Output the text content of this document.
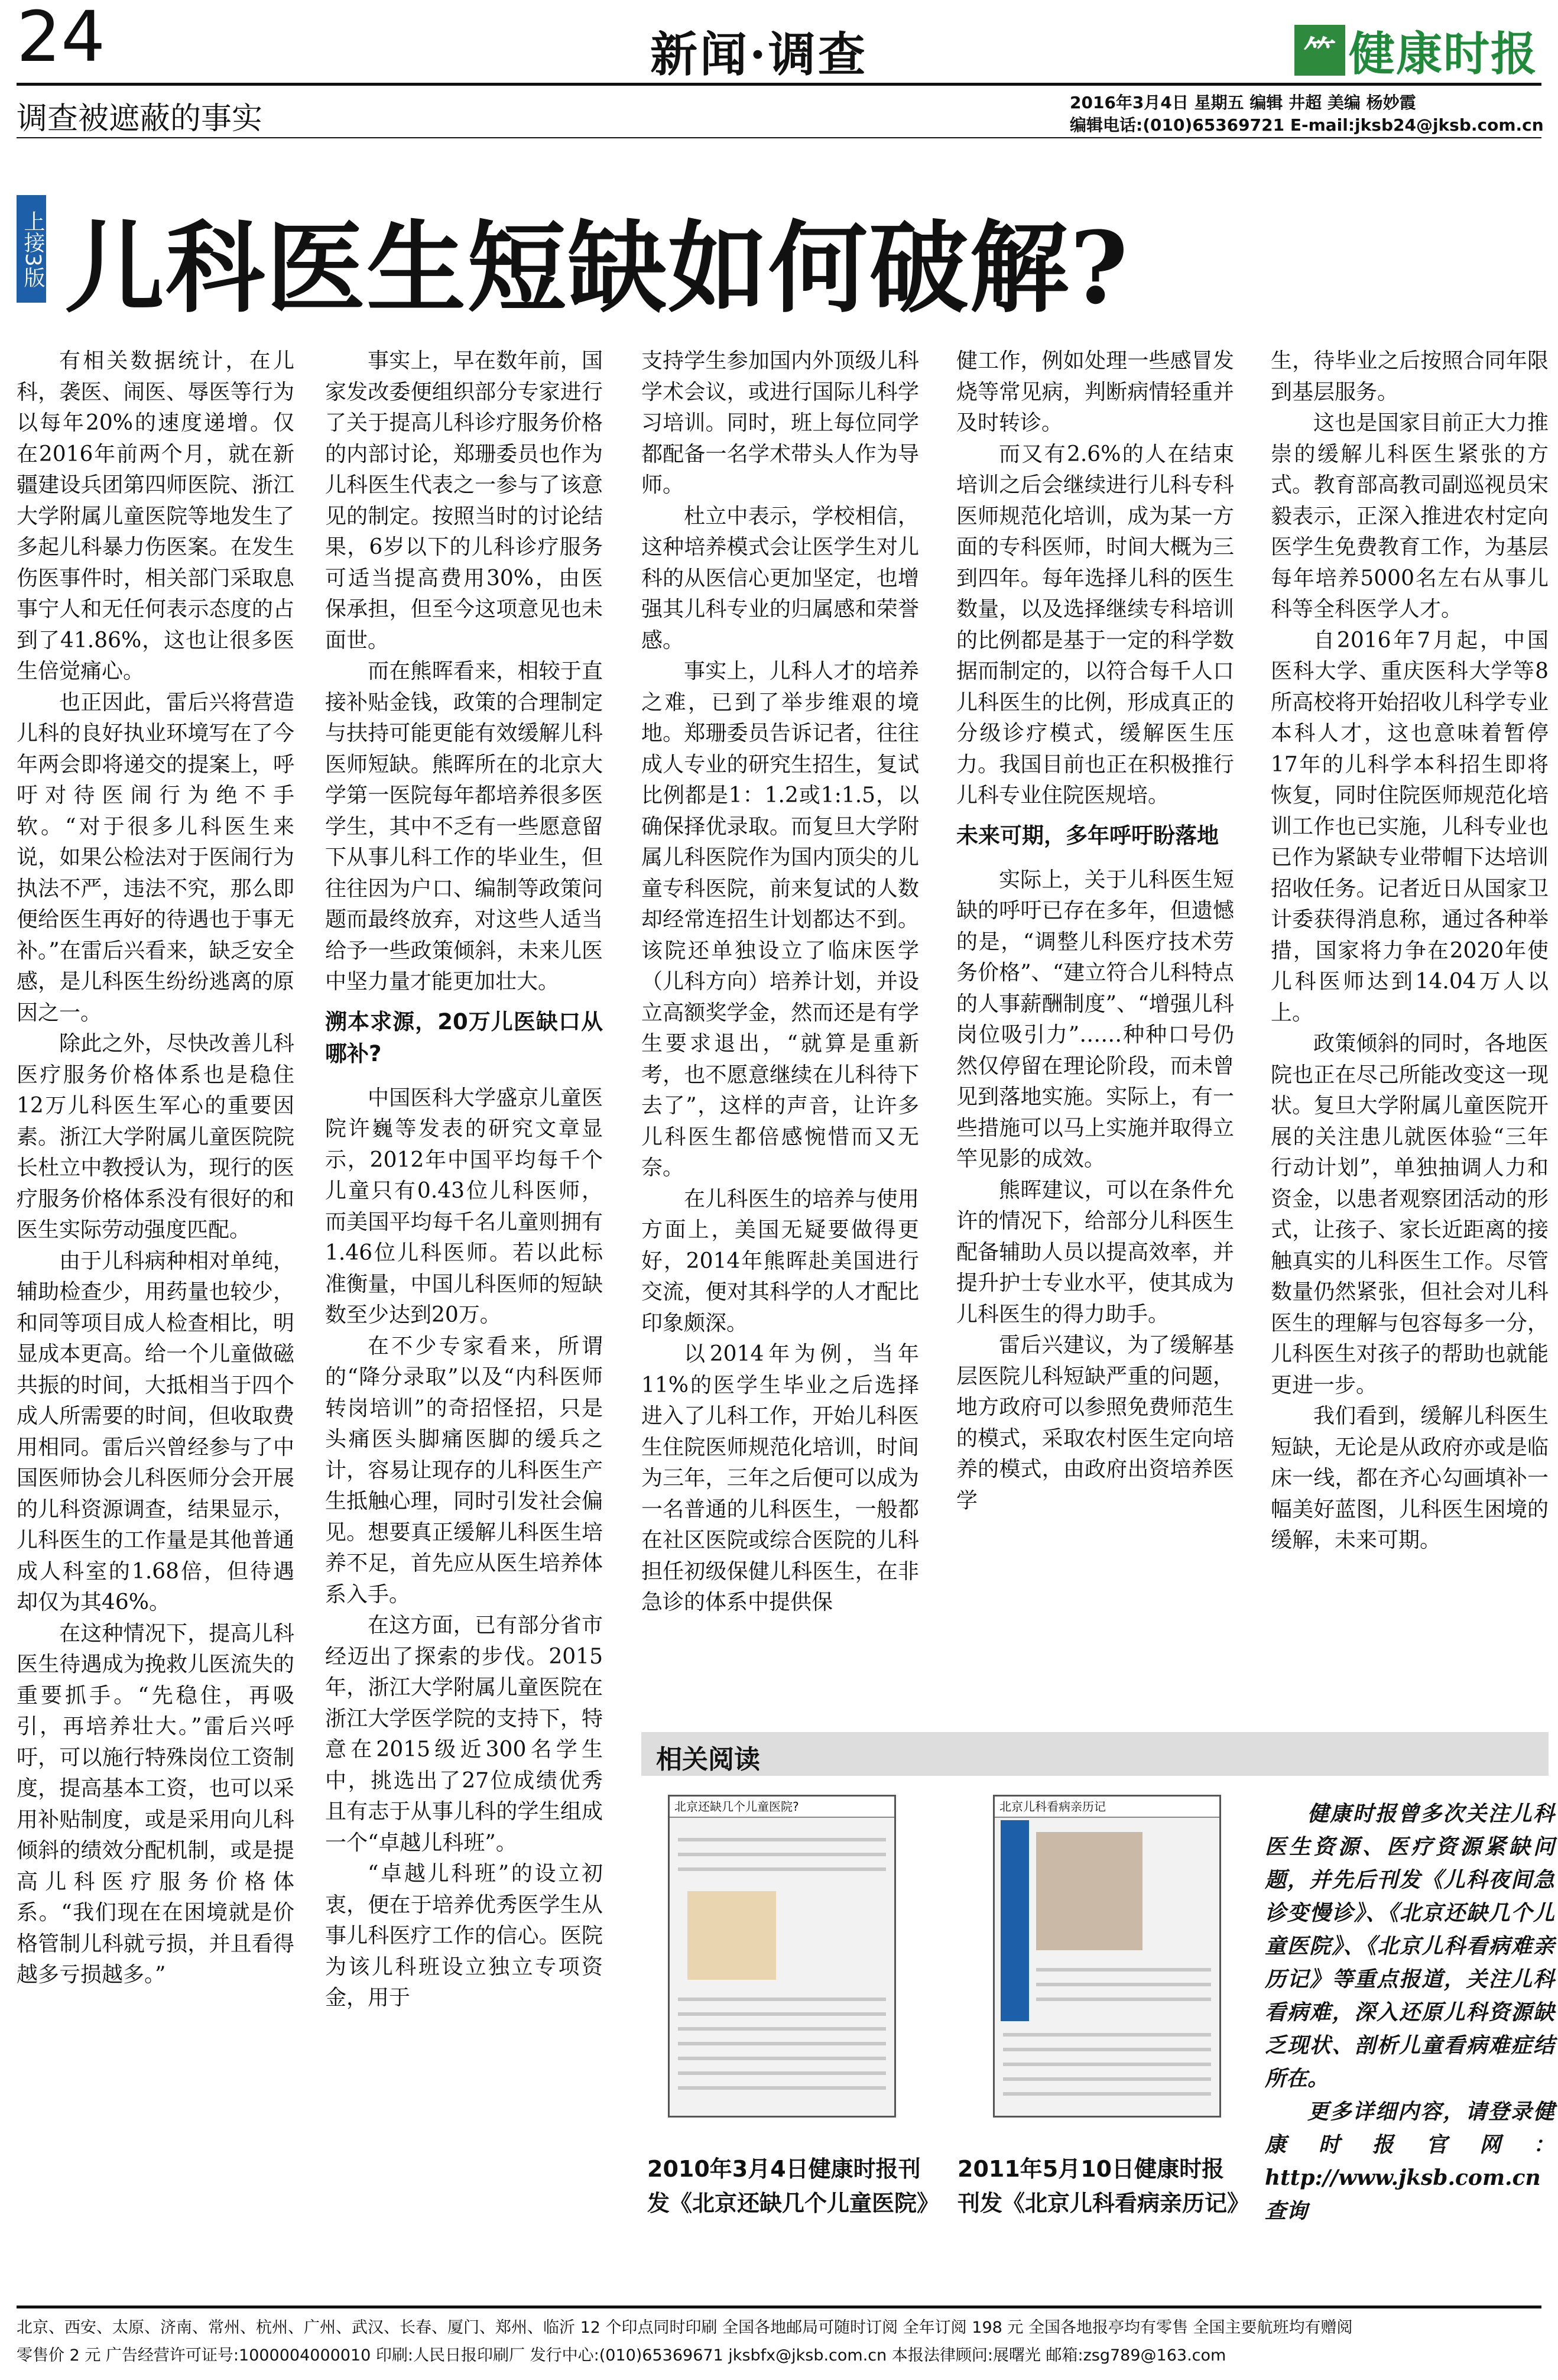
24	新闻·调查	⺮ 健康时报
调查被遮蔽的事实	2016年3月4日 星期五 编辑 井超 美编 杨妙霞
编辑电话:(010)65369721 E-mail:jksb24@jksb.com.cn
上接3版 儿科医生短缺如何破解?

有相关数据统计，在儿科，袭医、闹医、辱医等行为以每年20%的速度递增。仅在2016年前两个月，就在新疆建设兵团第四师医院、浙江大学附属儿童医院等地发生了多起儿科暴力伤医案。在发生伤医事件时，相关部门采取息事宁人和无任何表示态度的占到了41.86%，这也让很多医生倍觉痛心。

也正因此，雷后兴将营造儿科的良好执业环境写在了今年两会即将递交的提案上，呼吁对待医闹行为绝不手软。“对于很多儿科医生来说，如果公检法对于医闹行为执法不严，违法不究，那么即便给医生再好的待遇也于事无补。”在雷后兴看来，缺乏安全感，是儿科医生纷纷逃离的原因之一。

除此之外，尽快改善儿科医疗服务价格体系也是稳住12万儿科医生军心的重要因素。浙江大学附属儿童医院院长杜立中教授认为，现行的医疗服务价格体系没有很好的和医生实际劳动强度匹配。

由于儿科病种相对单纯，辅助检查少，用药量也较少，和同等项目成人检查相比，明显成本更高。给一个儿童做磁共振的时间，大抵相当于四个成人所需要的时间，但收取费用相同。雷后兴曾经参与了中国医师协会儿科医师分会开展的儿科资源调查，结果显示，儿科医生的工作量是其他普通成人科室的1.68倍，但待遇却仅为其46%。

在这种情况下，提高儿科医生待遇成为挽救儿医流失的重要抓手。“先稳住，再吸引，再培养壮大。”雷后兴呼吁，可以施行特殊岗位工资制度，提高基本工资，也可以采用补贴制度，或是采用向儿科倾斜的绩效分配机制，或是提高儿科医疗服务价格体系。“我们现在在困境就是价格管制儿科就亏损，并且看得越多亏损越多。”

事实上，早在数年前，国家发改委便组织部分专家进行了关于提高儿科诊疗服务价格的内部讨论，郑珊委员也作为儿科医生代表之一参与了该意见的制定。按照当时的讨论结果，6岁以下的儿科诊疗服务可适当提高费用30%，由医保承担，但至今这项意见也未面世。

而在熊晖看来，相较于直接补贴金钱，政策的合理制定与扶持可能更能有效缓解儿科医师短缺。熊晖所在的北京大学第一医院每年都培养很多医学生，其中不乏有一些愿意留下从事儿科工作的毕业生，但往往因为户口、编制等政策问题而最终放弃，对这些人适当给予一些政策倾斜，未来儿医中坚力量才能更加壮大。

溯本求源，20万儿医缺口从哪补?

中国医科大学盛京儿童医院许巍等发表的研究文章显示，2012年中国平均每千个儿童只有0.43位儿科医师，而美国平均每千名儿童则拥有1.46位儿科医师。若以此标准衡量，中国儿科医师的短缺数至少达到20万。

在不少专家看来，所谓的“降分录取”以及“内科医师转岗培训”的奇招怪招，只是头痛医头脚痛医脚的缓兵之计，容易让现存的儿科医生产生抵触心理，同时引发社会偏见。想要真正缓解儿科医生培养不足，首先应从医生培养体系入手。

在这方面，已有部分省市经迈出了探索的步伐。2015年，浙江大学附属儿童医院在浙江大学医学院的支持下，特意在2015级近300名学生中，挑选出了27位成绩优秀且有志于从事儿科的学生组成一个“卓越儿科班”。

“卓越儿科班”的设立初衷，便在于培养优秀医学生从事儿科医疗工作的信心。医院为该儿科班设立独立专项资金，用于

支持学生参加国内外顶级儿科学术会议，或进行国际儿科学习培训。同时，班上每位同学都配备一名学术带头人作为导师。

杜立中表示，学校相信，这种培养模式会让医学生对儿科的从医信心更加坚定，也增强其儿科专业的归属感和荣誉感。

事实上，儿科人才的培养之难，已到了举步维艰的境地。郑珊委员告诉记者，往往成人专业的研究生招生，复试比例都是1：1.2或1:1.5，以确保择优录取。而复旦大学附属儿科医院作为国内顶尖的儿童专科医院，前来复试的人数却经常连招生计划都达不到。该院还单独设立了临床医学（儿科方向）培养计划，并设立高额奖学金，然而还是有学生要求退出，“就算是重新考，也不愿意继续在儿科待下去了”，这样的声音，让许多儿科医生都倍感惋惜而又无奈。

在儿科医生的培养与使用方面上，美国无疑要做得更好，2014年熊晖赴美国进行交流，便对其科学的人才配比印象颇深。

以2014年为例，当年11%的医学生毕业之后选择进入了儿科工作，开始儿科医生住院医师规范化培训，时间为三年，三年之后便可以成为一名普通的儿科医生，一般都在社区医院或综合医院的儿科担任初级保健儿科医生，在非急诊的体系中提供保

健工作，例如处理一些感冒发烧等常见病，判断病情轻重并及时转诊。

而又有2.6%的人在结束培训之后会继续进行儿科专科医师规范化培训，成为某一方面的专科医师，时间大概为三到四年。每年选择儿科的医生数量，以及选择继续专科培训的比例都是基于一定的科学数据而制定的，以符合每千人口儿科医生的比例，形成真正的分级诊疗模式，缓解医生压力。我国目前也正在积极推行儿科专业住院医规培。

未来可期，多年呼吁盼落地

实际上，关于儿科医生短缺的呼吁已存在多年，但遗憾的是，“调整儿科医疗技术劳务价格”、“建立符合儿科特点的人事薪酬制度”、“增强儿科岗位吸引力”……种种口号仍然仅停留在理论阶段，而未曾见到落地实施。实际上，有一些措施可以马上实施并取得立竿见影的成效。

熊晖建议，可以在条件允许的情况下，给部分儿科医生配备辅助人员以提高效率，并提升护士专业水平，使其成为儿科医生的得力助手。

雷后兴建议，为了缓解基层医院儿科短缺严重的问题，地方政府可以参照免费师范生的模式，采取农村医生定向培养的模式，由政府出资培养医学

生，待毕业之后按照合同年限到基层服务。

这也是国家目前正大力推崇的缓解儿科医生紧张的方式。教育部高教司副巡视员宋毅表示，正深入推进农村定向医学生免费教育工作，为基层每年培养5000名左右从事儿科等全科医学人才。

自2016年7月起，中国医科大学、重庆医科大学等8所高校将开始招收儿科学专业本科人才，这也意味着暂停17年的儿科学本科招生即将恢复，同时住院医师规范化培训工作也已实施，儿科专业也已作为紧缺专业带帽下达培训招收任务。记者近日从国家卫计委获得消息称，通过各种举措，国家将力争在2020年使儿科医师达到14.04万人以上。

政策倾斜的同时，各地医院也正在尽己所能改变这一现状。复旦大学附属儿童医院开展的关注患儿就医体验“三年行动计划”，单独抽调人力和资金，以患者观察团活动的形式，让孩子、家长近距离的接触真实的儿科医生工作。尽管数量仍然紧张，但社会对儿科医生的理解与包容每多一分，儿科医生对孩子的帮助也就能更进一步。

我们看到，缓解儿科医生短缺，无论是从政府亦或是临床一线，都在齐心勾画填补一幅美好蓝图，儿科医生困境的缓解，未来可期。

相关阅读
北京还缺几个儿童医院?	北京儿科看病亲历记
2010年3月4日健康时报刊发《北京还缺几个儿童医院》
2011年5月10日健康时报刊发《北京儿科看病亲历记》
健康时报曾多次关注儿科医生资源、医疗资源紧缺问题，并先后刊发《儿科夜间急诊变慢诊》、《北京还缺几个儿童医院》、《北京儿科看病难亲历记》等重点报道，关注儿科看病难，深入还原儿科资源缺乏现状、剖析儿童看病难症结所在。
更多详细内容，请登录健康时报官网：http://www.jksb.com.cn查询
北京、西安、太原、济南、常州、杭州、广州、武汉、长春、厦门、郑州、临沂 12 个印点同时印刷 全国各地邮局可随时订阅 全年订阅 198 元 全国各地报亭均有零售 全国主要航班均有赠阅
零售价 2 元 广告经营许可证号:1000004000010 印刷:人民日报印刷厂 发行中心:(010)65369671 jksbfx@jksb.com.cn 本报法律顾问:展曙光 邮箱:zsg789@163.com
